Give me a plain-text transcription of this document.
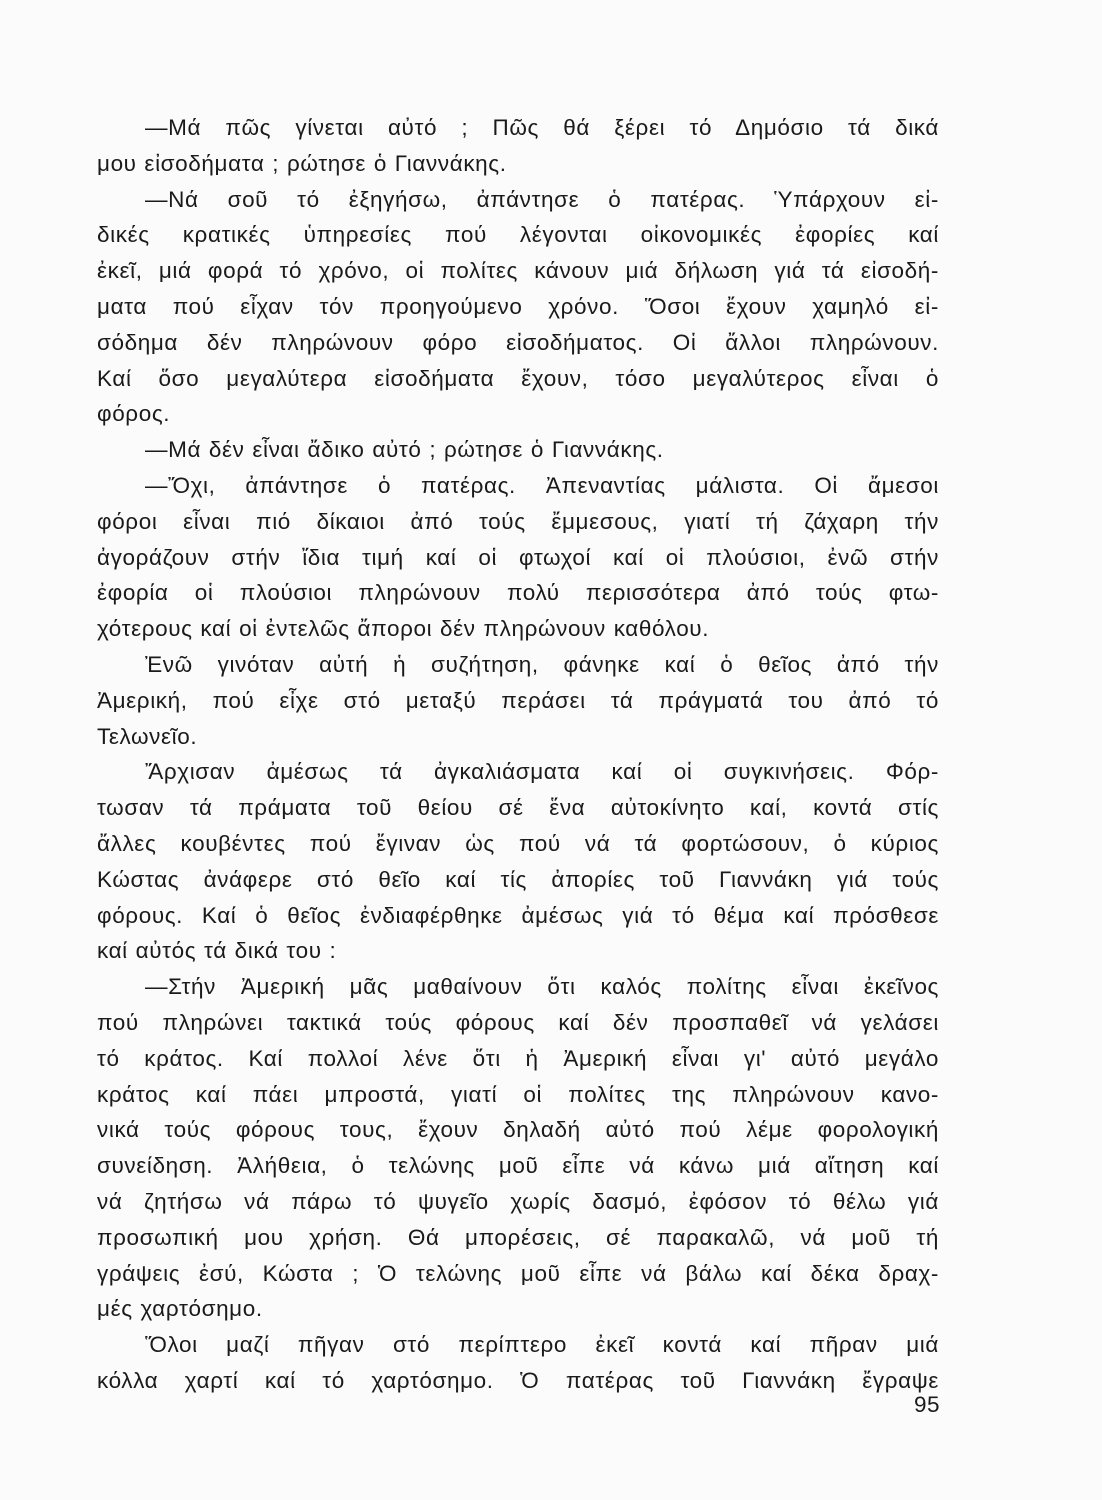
—Μά πῶς γίνεται αὐτό ; Πῶς θά ξέρει τό Δημόσιο τά δικά
μου εἰσοδήματα ; ρώτησε ὁ Γιαννάκης.
—Νά σοῦ τό ἐξηγήσω, ἀπάντησε ὁ πατέρας. Ὑπάρχουν εἰ-
δικές κρατικές ὑπηρεσίες πού λέγονται οἰκονομικές ἐφορίες καί
ἐκεῖ, μιά φορά τό χρόνο, οἱ πολίτες κάνουν μιά δήλωση γιά τά εἰσοδή-
ματα πού εἶχαν τόν προηγούμενο χρόνο. Ὅσοι ἔχουν χαμηλό εἰ-
σόδημα δέν πληρώνουν φόρο εἰσοδήματος. Οἱ ἄλλοι πληρώνουν.
Καί ὅσο μεγαλύτερα εἰσοδήματα ἔχουν, τόσο μεγαλύτερος εἶναι ὁ
φόρος.
—Μά δέν εἶναι ἄδικο αὐτό ; ρώτησε ὁ Γιαννάκης.
—Ὄχι, ἀπάντησε ὁ πατέρας. Ἀπεναντίας μάλιστα. Οἱ ἄμεσοι
φόροι εἶναι πιό δίκαιοι ἀπό τούς ἔμμεσους, γιατί τή ζάχαρη τήν
ἀγοράζουν στήν ἴδια τιμή καί οἱ φτωχοί καί οἱ πλούσιοι, ἐνῶ στήν
ἐφορία οἱ πλούσιοι πληρώνουν πολύ περισσότερα ἀπό τούς φτω-
χότερους καί οἱ ἐντελῶς ἄποροι δέν πληρώνουν καθόλου.
Ἐνῶ γινόταν αὐτή ἡ συζήτηση, φάνηκε καί ὁ θεῖος ἀπό τήν
Ἀμερική, πού εἶχε στό μεταξύ περάσει τά πράγματά του ἀπό τό
Τελωνεῖο.
Ἄρχισαν ἀμέσως τά ἀγκαλιάσματα καί οἱ συγκινήσεις. Φόρ-
τωσαν τά πράματα τοῦ θείου σέ ἕνα αὐτοκίνητο καί, κοντά στίς
ἄλλες κουβέντες πού ἔγιναν ὡς πού νά τά φορτώσουν, ὁ κύριος
Κώστας ἀνάφερε στό θεῖο καί τίς ἀπορίες τοῦ Γιαννάκη γιά τούς
φόρους. Καί ὁ θεῖος ἐνδιαφέρθηκε ἀμέσως γιά τό θέμα καί πρόσθεσε
καί αὐτός τά δικά του :
—Στήν Ἀμερική μᾶς μαθαίνουν ὅτι καλός πολίτης εἶναι ἐκεῖνος
πού πληρώνει τακτικά τούς φόρους καί δέν προσπαθεῖ νά γελάσει
τό κράτος. Καί πολλοί λένε ὅτι ἡ Ἀμερική εἶναι γι' αὐτό μεγάλο
κράτος καί πάει μπροστά, γιατί οἱ πολίτες της πληρώνουν κανο-
νικά τούς φόρους τους, ἔχουν δηλαδή αὐτό πού λέμε φορολογική
συνείδηση. Ἀλήθεια, ὁ τελώνης μοῦ εἶπε νά κάνω μιά αἴτηση καί
νά ζητήσω νά πάρω τό ψυγεῖο χωρίς δασμό, ἐφόσον τό θέλω γιά
προσωπική μου χρήση. Θά μπορέσεις, σέ παρακαλῶ, νά μοῦ τή
γράψεις ἐσύ, Κώστα ; Ὁ τελώνης μοῦ εἶπε νά βάλω καί δέκα δραχ-
μές χαρτόσημο.
Ὅλοι μαζί πῆγαν στό περίπτερο ἐκεῖ κοντά καί πῆραν μιά
κόλλα χαρτί καί τό χαρτόσημο. Ὁ πατέρας τοῦ Γιαννάκη ἔγραψε
95
